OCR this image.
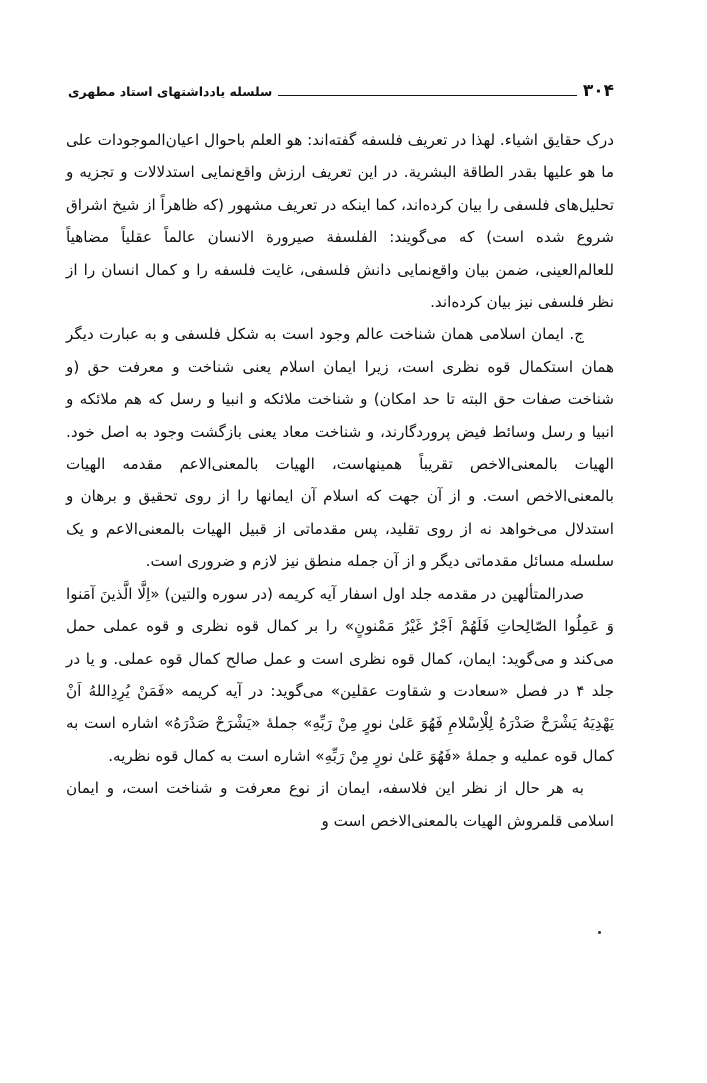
۳۰۴
سلسله یادداشتهای استاد مطهری

درک حقایق اشیاء. لهذا در تعریف فلسفه گفته‌اند: هو العلم باحوال اعیان‌الموجودات علی ما هو علیها بقدر الطاقة البشریة. در این تعریف ارزش واقع‌نمایی استدلالات و تجزیه و تحلیل‌های فلسفی را بیان کرده‌اند، کما اینکه در تعریف مشهور (که ظاهراً از شیخ اشراق شروع شده است) که می‌گویند: الفلسفة صیرورة الانسان عالماً عقلیاً مضاهیاً للعالم‌العینی، ضمن بیان واقع‌نمایی دانش فلسفی، غایت فلسفه را و کمال انسان را از نظر فلسفی نیز بیان کرده‌اند.

ج. ایمان اسلامی همان شناخت عالم وجود است به شکل فلسفی و به عبارت دیگر همان استکمال قوه نظری است، زیرا ایمان اسلام یعنی شناخت و معرفت حق (و شناخت صفات حق البته تا حد امکان) و شناخت ملائکه و انبیا و رسل که هم ملائکه و انبیا و رسل وسائط فیض پروردگارند، و شناخت معاد یعنی بازگشت وجود به اصل خود. الهیات بالمعنی‌الاخص تقریباً همینهاست، الهیات بالمعنی‌الاعم مقدمه الهیات بالمعنی‌الاخص است. و از آن جهت که اسلام آن ایمانها را از روی تحقیق و برهان و استدلال می‌خواهد نه از روی تقلید، پس مقدماتی از قبیل الهیات بالمعنی‌الاعم و یک سلسله مسائل مقدماتی دیگر و از آن جمله منطق نیز لازم و ضروری است.

صدرالمتألهین در مقدمه جلد اول اسفار آیه کریمه (در سوره والتین) «اِلَّا الَّذینَ آمَنوا وَ عَمِلُوا الصّالِحاتِ فَلَهُمْ اَجْرٌ غَیْرُ مَمْنونٍ» را بر کمال قوه نظری و قوه عملی حمل می‌کند و می‌گوید: ایمان، کمال قوه نظری است و عمل صالح کمال قوه عملی. و یا در جلد ۴ در فصل «سعادت و شقاوت عقلین» می‌گوید: در آیه کریمه «فَمَنْ یُرِدِاللهُ اَنْ یَهْدِیَهُ یَشْرَحْ صَدْرَهُ لِلْاِسْلامِ فَهُوَ عَلیٰ نورٍ مِنْ رَبِّهِ» جملهٔ «یَشْرَحْ صَدْرَهُ» اشاره است به کمال قوه عملیه و جملهٔ «فَهُوَ عَلیٰ نورٍ مِنْ رَبِّهِ» اشاره است به کمال قوه نظریه.

به هر حال از نظر این فلاسفه، ایمان از نوع معرفت و شناخت است، و ایمان اسلامی قلمروش الهیات بالمعنی‌الاخص است و
